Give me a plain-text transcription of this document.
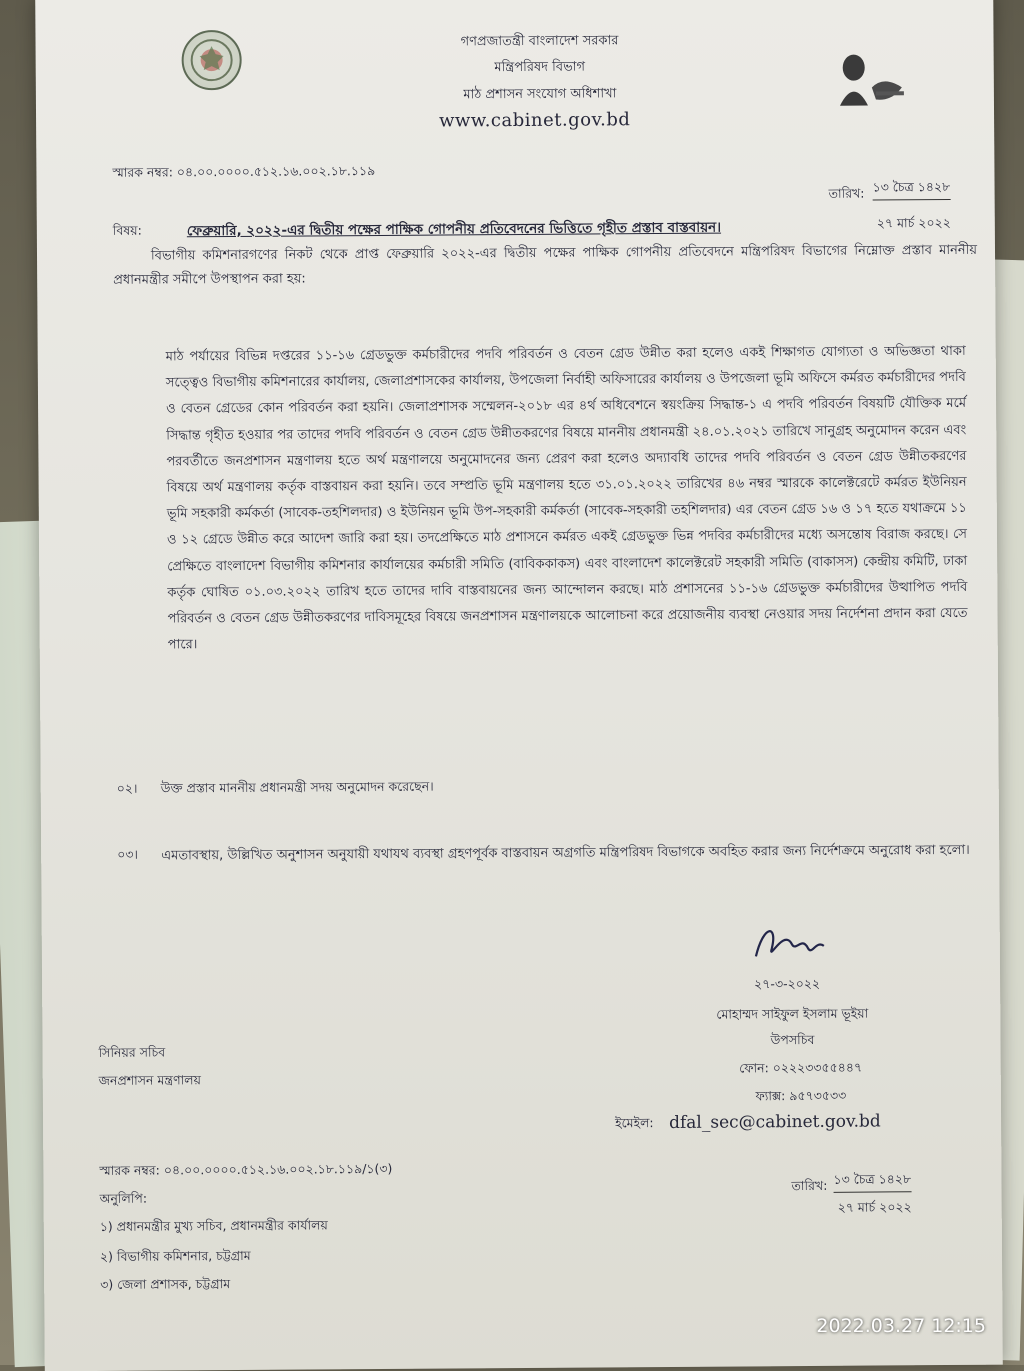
গণপ্রজাতন্ত্রী বাংলাদেশ সরকার
মন্ত্রিপরিষদ বিভাগ
মাঠ প্রশাসন সংযোগ অধিশাখা
www.cabinet.gov.bd
স্মারক নম্বর: ০৪.০০.০০০০.৫১২.১৬.০০২.১৮.১১৯
তারিখ: ১৩ চৈত্র ১৪২৮
২৭ মার্চ ২০২২
বিষয়:	ফেব্রুয়ারি, ২০২২-এর দ্বিতীয় পক্ষের পাক্ষিক গোপনীয় প্রতিবেদনের ভিত্তিতে গৃহীত প্রস্তাব বাস্তবায়ন।
বিভাগীয় কমিশনারগণের নিকট থেকে প্রাপ্ত ফেব্রুয়ারি ২০২২-এর দ্বিতীয় পক্ষের পাক্ষিক গোপনীয় প্রতিবেদনে মন্ত্রিপরিষদ বিভাগের নিম্নোক্ত প্রস্তাব মাননীয় প্রধানমন্ত্রীর সমীপে উপস্থাপন করা হয়:
মাঠ পর্যায়ের বিভিন্ন দপ্তরের ১১-১৬ গ্রেডভুক্ত কর্মচারীদের পদবি পরিবর্তন ও বেতন গ্রেড উন্নীত করা হলেও একই শিক্ষাগত যোগ্যতা ও অভিজ্ঞতা থাকা সত্ত্বেও বিভাগীয় কমিশনারের কার্যালয়, জেলাপ্রশাসকের কার্যালয়, উপজেলা নির্বাহী অফিসারের কার্যালয় ও উপজেলা ভূমি অফিসে কর্মরত কর্মচারীদের পদবি ও বেতন গ্রেডের কোন পরিবর্তন করা হয়নি। জেলাপ্রশাসক সম্মেলন-২০১৮ এর ৪র্থ অধিবেশনে স্বয়ংক্রিয় সিদ্ধান্ত-১ এ পদবি পরিবর্তন বিষয়টি যৌক্তিক মর্মে সিদ্ধান্ত গৃহীত হওয়ার পর তাদের পদবি পরিবর্তন ও বেতন গ্রেড উন্নীতকরণের বিষয়ে মাননীয় প্রধানমন্ত্রী ২৪.০১.২০২১ তারিখে সানুগ্রহ অনুমোদন করেন এবং পরবর্তীতে জনপ্রশাসন মন্ত্রণালয় হতে অর্থ মন্ত্রণালয়ে অনুমোদনের জন্য প্রেরণ করা হলেও অদ্যাবধি তাদের পদবি পরিবর্তন ও বেতন গ্রেড উন্নীতকরণের বিষয়ে অর্থ মন্ত্রণালয় কর্তৃক বাস্তবায়ন করা হয়নি। তবে সম্প্রতি ভূমি মন্ত্রণালয় হতে ৩১.০১.২০২২ তারিখের ৪৬ নম্বর স্মারকে কালেক্টরেটে কর্মরত ইউনিয়ন ভূমি সহকারী কর্মকর্তা (সাবেক-তহশিলদার) ও ইউনিয়ন ভূমি উপ-সহকারী কর্মকর্তা (সাবেক-সহকারী তহশিলদার) এর বেতন গ্রেড ১৬ ও ১৭ হতে যথাক্রমে ১১ ও ১২ গ্রেডে উন্নীত করে আদেশ জারি করা হয়। তদপ্রেক্ষিতে মাঠ প্রশাসনে কর্মরত একই গ্রেডভুক্ত ভিন্ন পদবির কর্মচারীদের মধ্যে অসন্তোষ বিরাজ করছে। সে প্রেক্ষিতে বাংলাদেশ বিভাগীয় কমিশনার কার্যালয়ের কর্মচারী সমিতি (বাবিককাকস) এবং বাংলাদেশ কালেক্টরেট সহকারী সমিতি (বাকাসস) কেন্দ্রীয় কমিটি, ঢাকা কর্তৃক ঘোষিত ০১.০৩.২০২২ তারিখ হতে তাদের দাবি বাস্তবায়নের জন্য আন্দোলন করছে। মাঠ প্রশাসনের ১১-১৬ গ্রেডভুক্ত কর্মচারীদের উত্থাপিত পদবি পরিবর্তন ও বেতন গ্রেড উন্নীতকরণের দাবিসমূহের বিষয়ে জনপ্রশাসন মন্ত্রণালয়কে আলোচনা করে প্রয়োজনীয় ব্যবস্থা নেওয়ার সদয় নির্দেশনা প্রদান করা যেতে পারে।
০২। উক্ত প্রস্তাব মাননীয় প্রধানমন্ত্রী সদয় অনুমোদন করেছেন।
০৩।	এমতাবস্থায়, উল্লিখিত অনুশাসন অনুযায়ী যথাযথ ব্যবস্থা গ্রহণপূর্বক বাস্তবায়ন অগ্রগতি মন্ত্রিপরিষদ বিভাগকে অবহিত করার জন্য নির্দেশক্রমে অনুরোধ করা হলো।
২৭-৩-২০২২
মোহাম্মদ সাইফুল ইসলাম ভূইয়া
উপসচিব
ফোন: ০২২২৩৩৫৫৪৪৭
ফ্যাক্স: ৯৫৭৩৫৩৩
ইমেইল: dfal_sec@cabinet.gov.bd
সিনিয়র সচিব
জনপ্রশাসন মন্ত্রণালয়
স্মারক নম্বর: ০৪.০০.০০০০.৫১২.১৬.০০২.১৮.১১৯/১(৩)
তারিখ: ১৩ চৈত্র ১৪২৮
২৭ মার্চ ২০২২
অনুলিপি:
১) প্রধানমন্ত্রীর মুখ্য সচিব, প্রধানমন্ত্রীর কার্যালয়
২) বিভাগীয় কমিশনার, চট্টগ্রাম
৩) জেলা প্রশাসক, চট্টগ্রাম
2022.03.27 12:15
